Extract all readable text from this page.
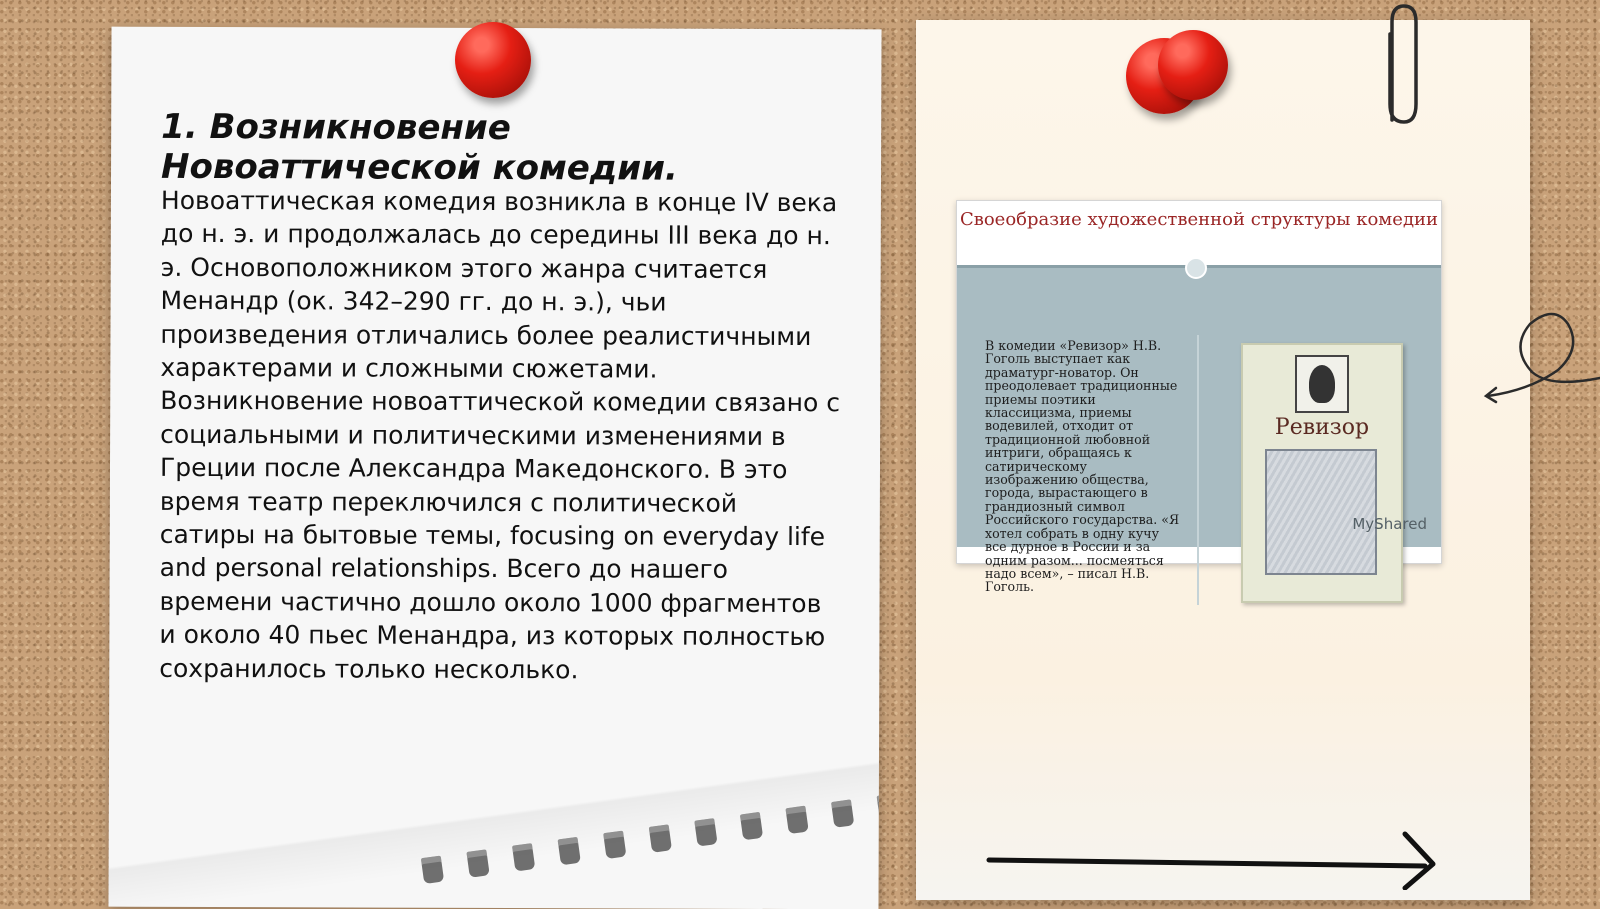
1. Возникновение Новоаттической комедии.

Новоаттическая комедия возникла в конце IV века до н. э. и продолжалась до середины III века до н. э. Основоположником этого жанра считается Менандр (ок. 342–290 гг. до н. э.), чьи произведения отличались более реалистичными характерами и сложными сюжетами. Возникновение новоаттической комедии связано с социальными и политическими изменениями в Греции после Александра Македонского. В это время театр переключился с политической сатиры на бытовые темы, focusing on everyday life and personal relationships. Всего до нашего времени частично дошло около 1000 фрагментов и около 40 пьес Менандра, из которых полностью сохранилось только несколько.

Своеобразие художественной структуры комедии

В комедии «Ревизор» Н.В. Гоголь выступает как драматург-новатор. Он преодолевает традиционные приемы поэтики классицизма, приемы водевилей, отходит от традиционной любовной интриги, обращаясь к сатирическому изображению общества, города, вырастающего в грандиозный символ Российского государства. «Я хотел собрать в одну кучу все дурное в России и за одним разом... посмеяться надо всем», – писал Н.В. Гоголь.

Ревизор
MyShared
